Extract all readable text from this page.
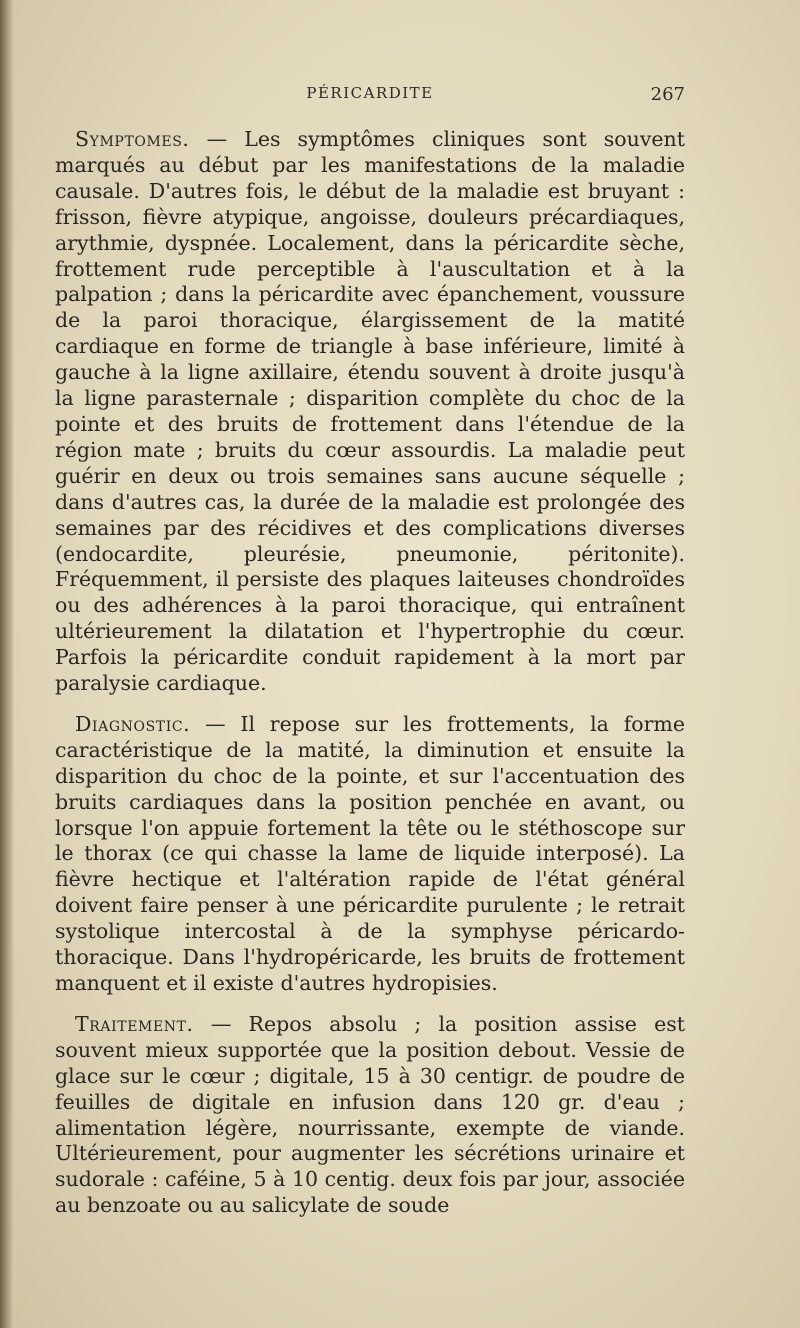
PÉRICARDITE	267

Symptomes. — Les symptômes cliniques sont souvent marqués au début par les manifestations de la maladie causale. D'autres fois, le début de la maladie est bruyant : frisson, fièvre atypique, angoisse, douleurs précardiaques, arythmie, dyspnée. Localement, dans la péricardite sèche, frottement rude perceptible à l'auscultation et à la palpation ; dans la péricardite avec épanchement, voussure de la paroi thoracique, élargissement de la matité cardiaque en forme de triangle à base inférieure, limité à gauche à la ligne axillaire, étendu souvent à droite jusqu'à la ligne parasternale ; disparition complète du choc de la pointe et des bruits de frottement dans l'étendue de la région mate ; bruits du cœur assourdis. La maladie peut guérir en deux ou trois semaines sans aucune séquelle ; dans d'autres cas, la durée de la maladie est prolongée des semaines par des récidives et des complications diverses (endocardite, pleurésie, pneumonie, péritonite). Fréquemment, il persiste des plaques laiteuses chondroïdes ou des adhérences à la paroi thoracique, qui entraînent ultérieurement la dilatation et l'hypertrophie du cœur. Parfois la péricardite conduit rapidement à la mort par paralysie cardiaque.

Diagnostic. — Il repose sur les frottements, la forme caractéristique de la matité, la diminution et ensuite la disparition du choc de la pointe, et sur l'accentuation des bruits cardiaques dans la position penchée en avant, ou lorsque l'on appuie fortement la tête ou le stéthoscope sur le thorax (ce qui chasse la lame de liquide interposé). La fièvre hectique et l'altération rapide de l'état général doivent faire penser à une péricardite purulente ; le retrait systolique intercostal à de la symphyse péricardo-thoracique. Dans l'hydropéricarde, les bruits de frottement manquent et il existe d'autres hydropisies.

Traitement. — Repos absolu ; la position assise est souvent mieux supportée que la position debout. Vessie de glace sur le cœur ; digitale, 15 à 30 centigr. de poudre de feuilles de digitale en infusion dans 120 gr. d'eau ; alimentation légère, nourrissante, exempte de viande. Ultérieurement, pour augmenter les sécrétions urinaire et sudorale : caféine, 5 à 10 centig. deux fois par jour, associée au benzoate ou au salicylate de soude
